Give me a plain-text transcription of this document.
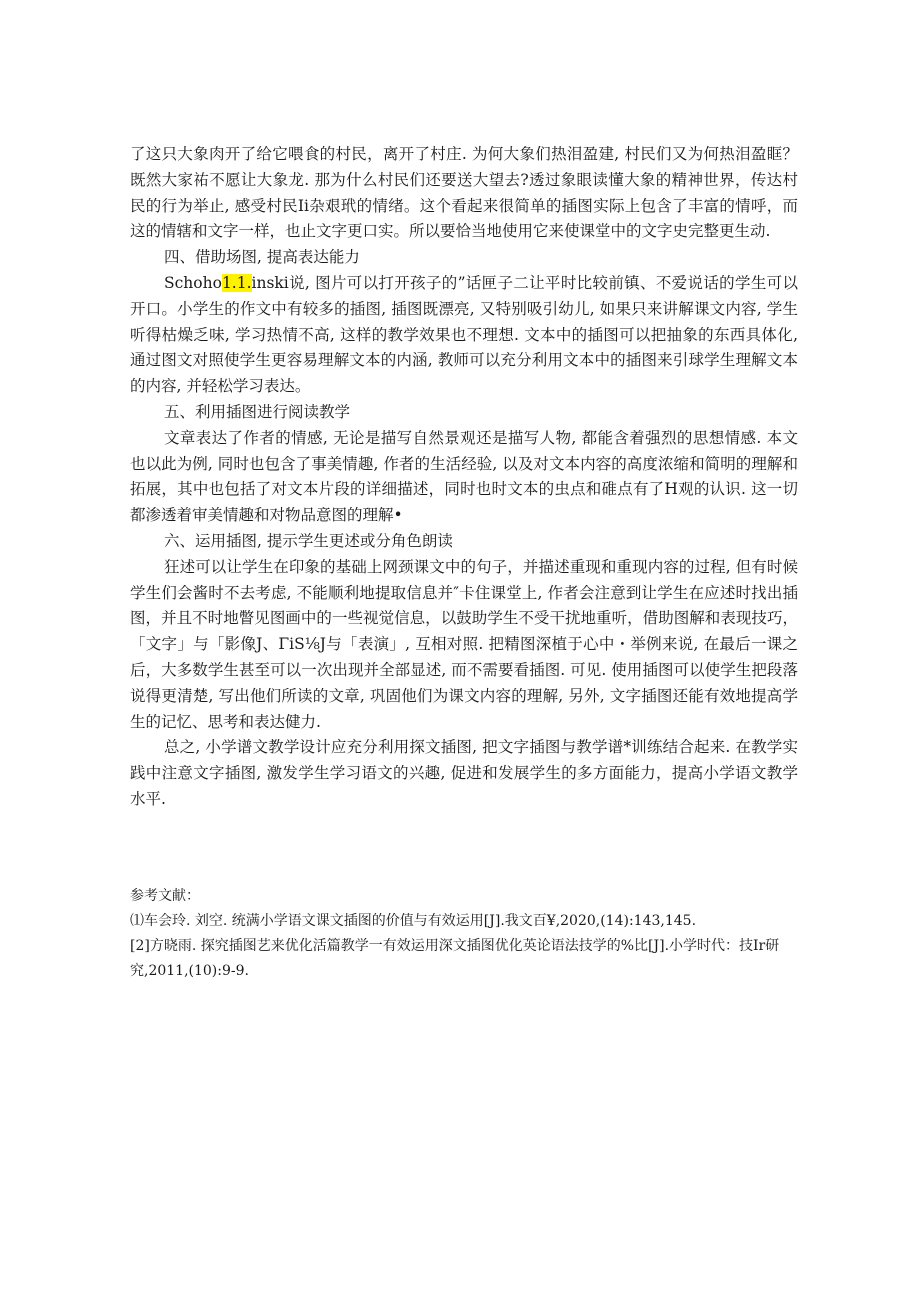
了这只大象肉开了给它喂食的村民，离开了村庄. 为何大象们热泪盈建, 村民们又为何热泪盈眶？既然大家祐不愿让大象龙. 那为什么村民们还要送大望去?透过象眼读懂大象的精神世界，传达村民的行为举止, 感受村民Ii杂艰玳的情绪。这个看起来很简单的插图实际上包含了丰富的情呼，而这的情辖和文字一样，也止文字更口实。所以要恰当地使用它来使课堂中的文字史完整更生动.

四、借助场图, 提高表达能力

Schoho1.1.inski说, 图片可以打开孩子的”话匣子二让平时比较前镇、不爱说话的学生可以开口。小学生的作文中有较多的插图, 插图既漂亮, 又特别吸引幼儿, 如果只来讲解课文内容, 学生听得枯燥乏味, 学习热情不高, 这样的教学效果也不理想. 文本中的插图可以把抽象的东西具体化, 通过图文对照使学生更容易理解文本的内涵, 教师可以充分利用文本中的插图来引球学生理解文本的内容, 并轻松学习表达。

五、利用插图进行阅读教学

文章表达了作者的情感, 无论是描写自然景观还是描写人物, 都能含着强烈的思想情感. 本文也以此为例, 同时也包含了事美情趣, 作者的生活经验, 以及对文本内容的高度浓缩和简明的理解和拓展，其中也包括了对文本片段的详细描述，同时也时文本的虫点和碓点有了H观的认识. 这一切都渗透着审美情趣和对物品意图的理解•

六、运用插图, 提示学生更述或分角色朗读

狂述可以让学生在印象的基础上网颈课文中的句子，并描述重现和重现内容的过程, 但有时候学生们会酱时不去考虑, 不能顺利地提取信息并″卡住课堂上, 作者会注意到让学生在应述时找出插图，并且不时地瞥见图画中的一些视觉信息，以鼓助学生不受干扰地重听，借助图解和表现技巧，「文字」与「影像J、ΓiS⅛J与「表演」, 互相对照. 把精图深植于心中・举例来说, 在最后一课之后，大多数学生甚至可以一次出现并全部显述, 而不需要看插图. 可见. 使用插图可以使学生把段落说得更清楚, 写出他们所读的文章, 巩固他们为课文内容的理解, 另外, 文字插图还能有效地提高学生的记忆、思考和表达健力.

总之, 小学谱文教学设计应充分利用探文插图, 把文字插图与教学谱*训练结合起来. 在教学实践中注意文字插图, 激发学生学习语文的兴趣, 促进和发展学生的多方面能力，提高小学语文教学水平.

参考文献：

⑴车会玲. 刘空. 统满小学语文课文插图的价值与有效运用[J].我文百¥,2020,(14):143,145.

[2]方晓雨. 探究插图艺来优化活篇教学一有效运用深文插图优化英论语法技学的%比[J].小学时代：技Ir研究,2011,(10):9-9.
